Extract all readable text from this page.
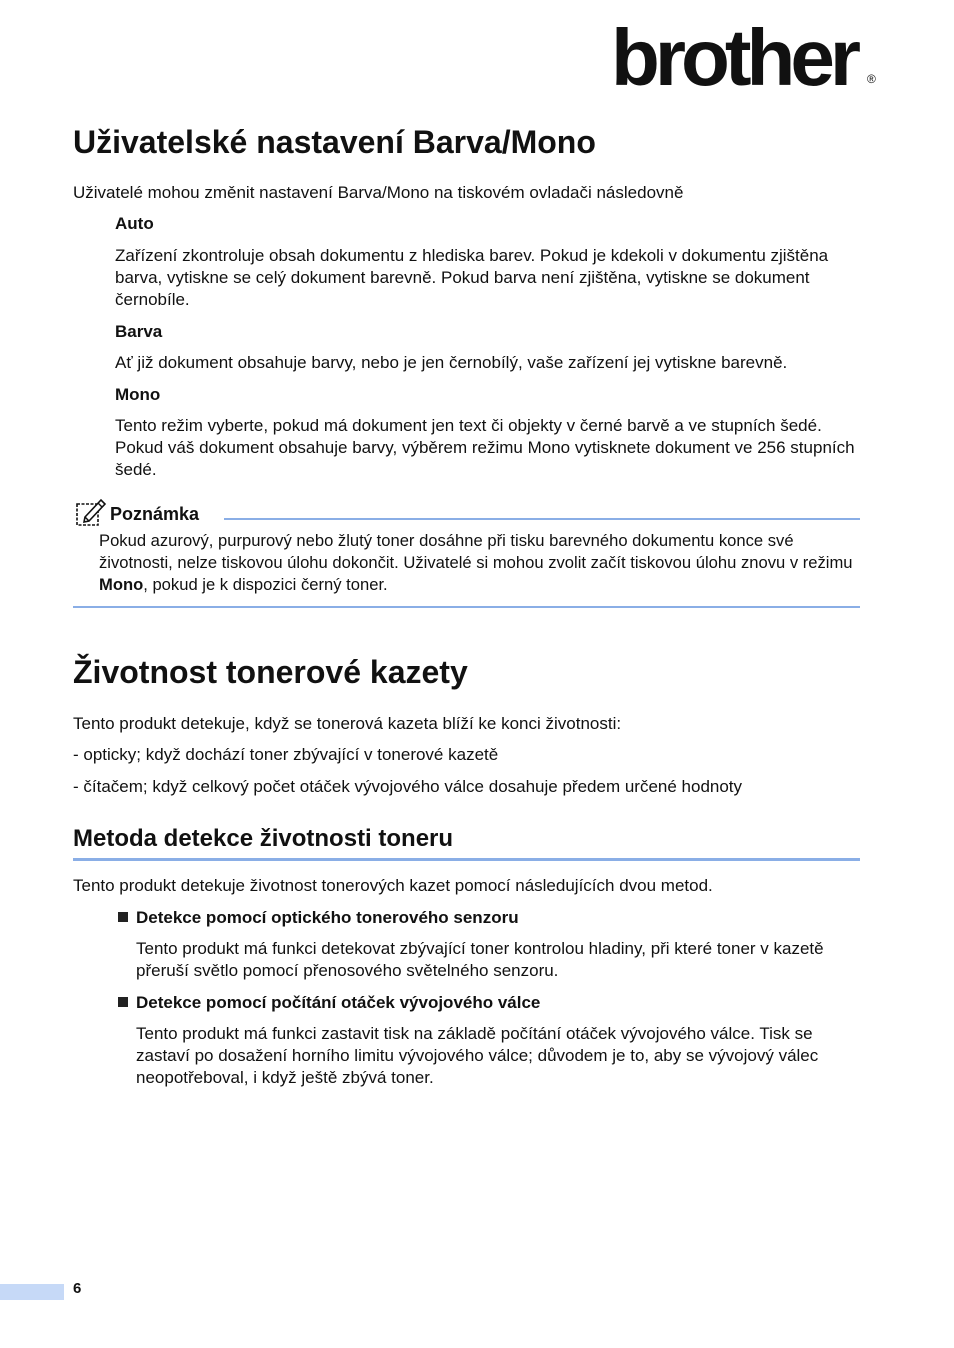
brother ®
Uživatelské nastavení Barva/Mono

Uživatelé mohou změnit nastavení Barva/Mono na tiskovém ovladači následovně

Auto

Zařízení zkontroluje obsah dokumentu z hlediska barev. Pokud je kdekoli v dokumentu zjištěna barva, vytiskne se celý dokument barevně. Pokud barva není zjištěna, vytiskne se dokument černobíle.

Barva

Ať již dokument obsahuje barvy, nebo je jen černobílý, vaše zařízení jej vytiskne barevně.

Mono

Tento režim vyberte, pokud má dokument jen text či objekty v černé barvě a ve stupních šedé. Pokud váš dokument obsahuje barvy, výběrem režimu Mono vytisknete dokument ve 256 stupních šedé.

Poznámka

Pokud azurový, purpurový nebo žlutý toner dosáhne při tisku barevného dokumentu konce své životnosti, nelze tiskovou úlohu dokončit. Uživatelé si mohou zvolit začít tiskovou úlohu znovu v režimu Mono, pokud je k dispozici černý toner.

Životnost tonerové kazety

Tento produkt detekuje, když se tonerová kazeta blíží ke konci životnosti:

- opticky; když dochází toner zbývající v tonerové kazetě

- čítačem; když celkový počet otáček vývojového válce dosahuje předem určené hodnoty

Metoda detekce životnosti toneru

Tento produkt detekuje životnost tonerových kazet pomocí následujících dvou metod.

Detekce pomocí optického tonerového senzoru

Tento produkt má funkci detekovat zbývající toner kontrolou hladiny, při které toner v kazetě přeruší světlo pomocí přenosového světelného senzoru.

Detekce pomocí počítání otáček vývojového válce

Tento produkt má funkci zastavit tisk na základě počítání otáček vývojového válce. Tisk se zastaví po dosažení horního limitu vývojového válce; důvodem je to, aby se vývojový válec neopotřeboval, i když ještě zbývá toner.

6
